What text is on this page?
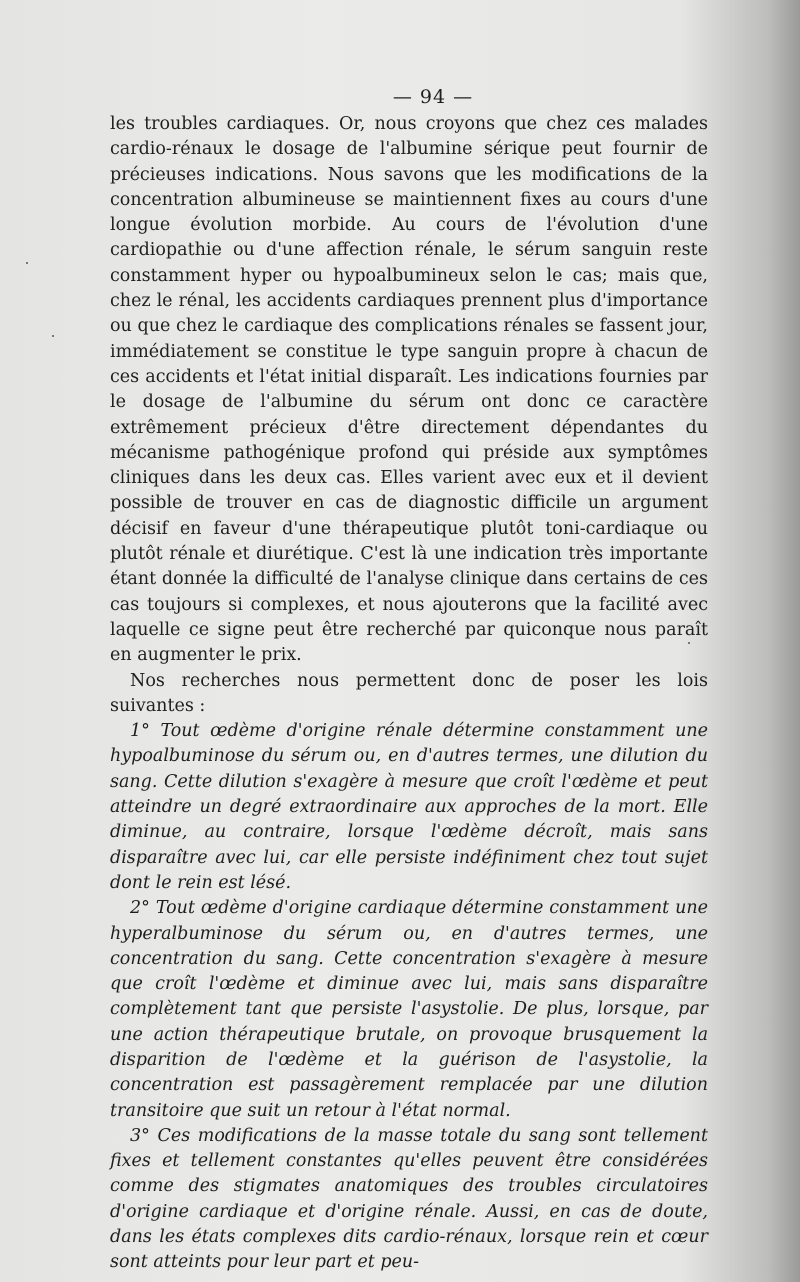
— 94 —

les troubles cardiaques. Or, nous croyons que chez ces malades cardio-rénaux le dosage de l'albumine sérique peut fournir de précieuses indications. Nous savons que les modifications de la concentration albumineuse se maintiennent fixes au cours d'une longue évolution morbide. Au cours de l'évolution d'une cardiopathie ou d'une affection rénale, le sérum sanguin reste constamment hyper ou hypoalbumineux selon le cas; mais que, chez le rénal, les accidents cardiaques prennent plus d'importance ou que chez le cardiaque des complications rénales se fassent jour, immédiatement se constitue le type sanguin propre à chacun de ces accidents et l'état initial disparaît. Les indications fournies par le dosage de l'albumine du sérum ont donc ce caractère extrêmement précieux d'être directement dépendantes du mécanisme pathogénique profond qui préside aux symptômes cliniques dans les deux cas. Elles varient avec eux et il devient possible de trouver en cas de diagnostic difficile un argument décisif en faveur d'une thérapeutique plutôt toni-cardiaque ou plutôt rénale et diurétique. C'est là une indication très importante étant donnée la difficulté de l'analyse clinique dans certains de ces cas toujours si complexes, et nous ajouterons que la facilité avec laquelle ce signe peut être recherché par quiconque nous paraît en augmenter le prix.

Nos recherches nous permettent donc de poser les lois suivantes :

1° Tout œdème d'origine rénale détermine constamment une hypoalbuminose du sérum ou, en d'autres termes, une dilution du sang. Cette dilution s'exagère à mesure que croît l'œdème et peut atteindre un degré extraordinaire aux approches de la mort. Elle diminue, au contraire, lorsque l'œdème décroît, mais sans disparaître avec lui, car elle persiste indéfiniment chez tout sujet dont le rein est lésé.

2° Tout œdème d'origine cardiaque détermine constamment une hyperalbuminose du sérum ou, en d'autres termes, une concentration du sang. Cette concentration s'exagère à mesure que croît l'œdème et diminue avec lui, mais sans disparaître complètement tant que persiste l'asystolie. De plus, lorsque, par une action thérapeutique brutale, on provoque brusquement la disparition de l'œdème et la guérison de l'asystolie, la concentration est passagèrement remplacée par une dilution transitoire que suit un retour à l'état normal.

3° Ces modifications de la masse totale du sang sont tellement fixes et tellement constantes qu'elles peuvent être considérées comme des stigmates anatomiques des troubles circulatoires d'origine cardiaque et d'origine rénale. Aussi, en cas de doute, dans les états complexes dits cardio-rénaux, lorsque rein et cœur sont atteints pour leur part et peu-
